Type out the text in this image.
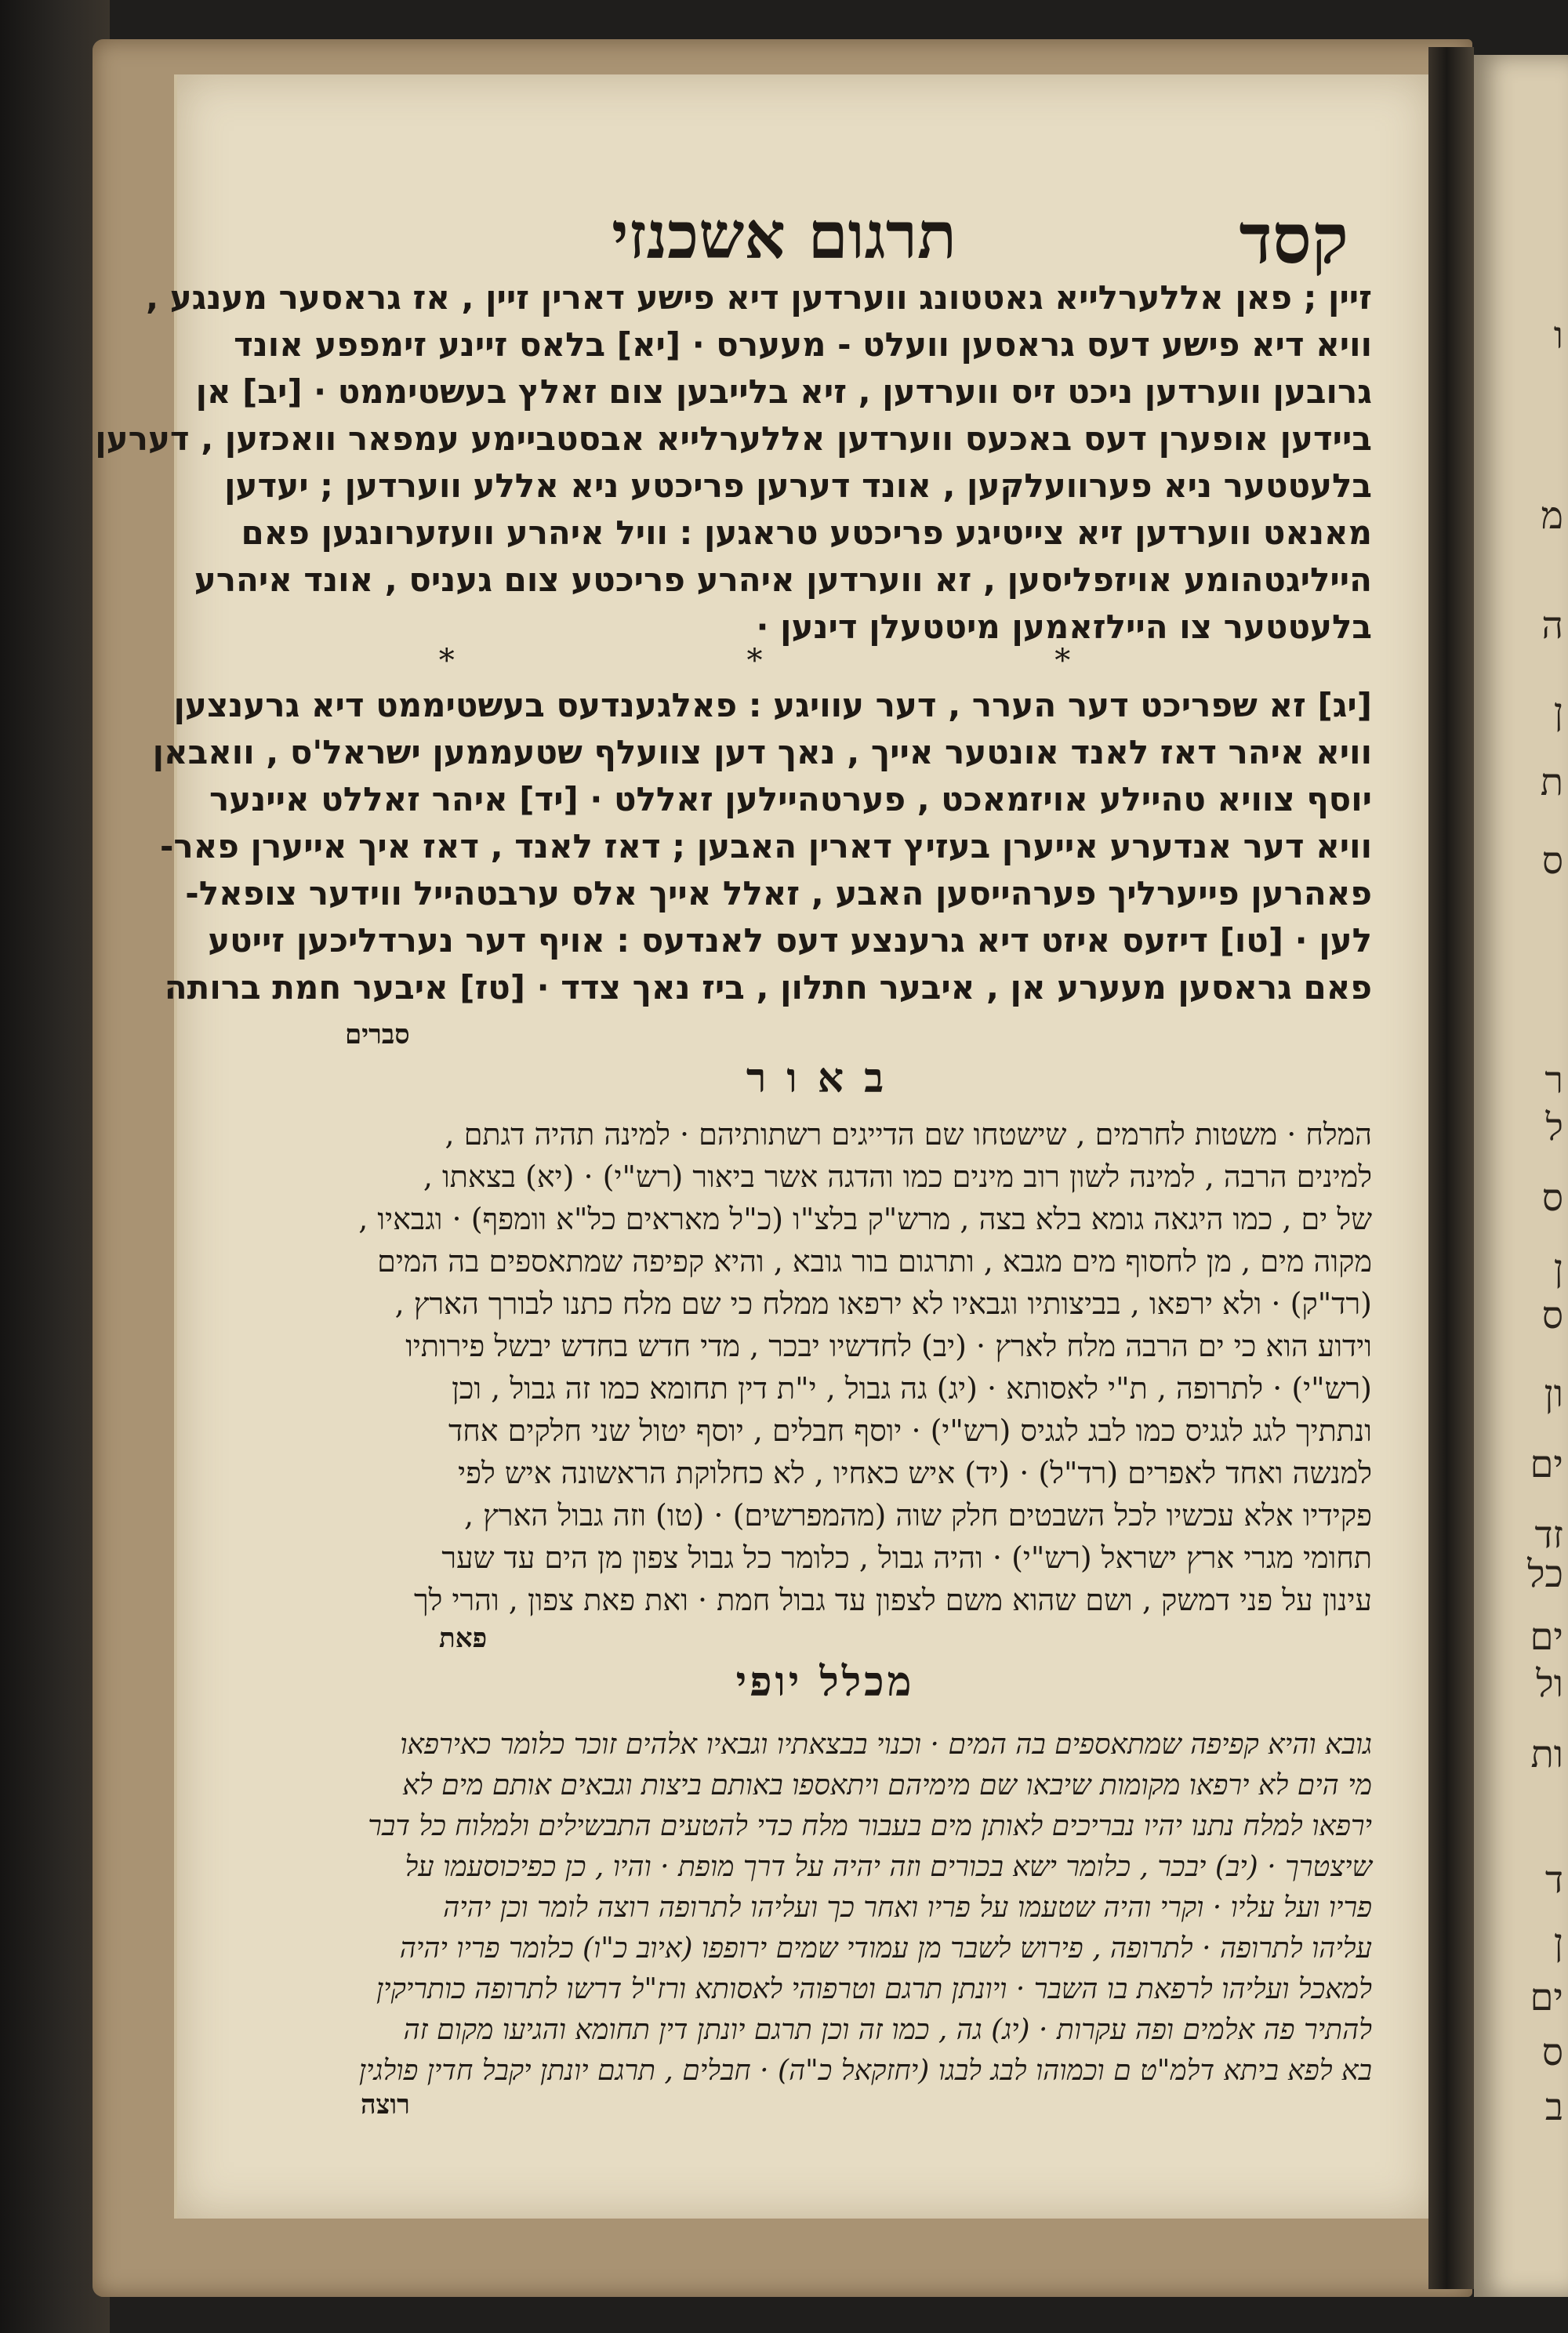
ו
מ
ה
ן
ת
ס
ר
ל
ס
ן
ס
ון
ים
זד
כל
ים
ול
ות
ד
ן
ים
ס
ב
קסד
תרגום אשכנזי
זיין ; פאן אללערלייא גאטטונג ווערדען דיא פישע דארין זיין , אז גראסער מענגע ,
וויא דיא פישע דעס גראסען וועלט - מעערס · [יא] בלאס זיינע זימפפע אונד
גרובען ווערדען ניכט זיס ווערדען , זיא בלייבען צום זאלץ בעשטיממט · [יב] אן
ביידען אופערן דעס באכעס ווערדען אללערלייא אבסטביימע עמפאר וואכזען , דערען
בלעטטער ניא פערוועלקען , אונד דערען פריכטע ניא אללע ווערדען ; יעדען
מאנאט ווערדען זיא צייטיגע פריכטע טראגען : וויל איהרע וועזערונגען פאם
הייליגטהומע אויזפליסען , זא ווערדען איהרע פריכטע צום געניס , אונד איהרע
בלעטטער צו היילזאמען מיטטעלן דינען ·
[יג] זא שפריכט דער הערר , דער עוויגע : פאלגענדעס בעשטיממט דיא גרענצען
וויא איהר דאז לאנד אונטער אייך , נאך דען צוועלף שטעממען ישראל'ס , וואבאן
יוסף צוויא טהיילע אויזמאכט , פערטהיילען זאללט · [יד] איהר זאללט איינער
וויא דער אנדערע אייערן בעזיץ דארין האבען ; דאז לאנד , דאז איך אייערן פאר-
פאהרען פייערליך פערהייסען האבע , זאלל אייך אלס ערבטהייל ווידער צופאל-
לען · [טו] דיזעס איזט דיא גרענצע דעס לאנדעס : אויף דער נערדליכען זייטע
פאם גראסען מעערע אן , איבער חתלון , ביז נאך צדד · [טז] איבער חמת ברותה
* * *
סברים
באור
המלח · משטות לחרמים , שישטחו שם הדייגים רשתותיהם · למינה תהיה דגתם ,
למינים הרבה , למינה לשון רוב מינים כמו והדגה אשר ביאור (רש"י) · (יא) בצאתו ,
של ים , כמו היגאה גומא בלא בצה , מרש"ק בלצ"ו (כ"ל מאראים כל"א וומפף) · וגבאיו ,
מקוה מים , מן לחסוף מים מגבא , ותרגום בור גובא , והיא קפיפה שמתאספים בה המים
(רד"ק) · ולא ירפאו , בביצותיו וגבאיו לא ירפאו ממלח כי שם מלח כתנו לבורך הארץ ,
וידוע הוא כי ים הרבה מלח לארץ · (יב) לחדשיו יבכר , מדי חדש בחדש יבשל פירותיו
(רש"י) · לתרופה , ת"י לאסותא · (יג) גה גבול , י"ת דין תחומא כמו זה גבול , וכן
ונתתיך לגג לגגיס כמו לבג לגגיס (רש"י) · יוסף חבלים , יוסף יטול שני חלקים אחד
למנשה ואחד לאפרים (רד"ל) · (יד) איש כאחיו , לא כחלוקת הראשונה איש לפי
פקידיו אלא עכשיו לכל השבטים חלק שוה (מהמפרשים) · (טו) וזה גבול הארץ ,
תחומי מגרי ארץ ישראל (רש"י) · והיה גבול , כלומר כל גבול צפון מן הים עד שער
עינון על פני דמשק , ושם שהוא משם לצפון עד גבול חמת · ואת פאת צפון , והרי לך
פאת
מכלל יופי
גובא והיא קפיפה שמתאספים בה המים · וכנוי בבצאתיו וגבאיו אלהים זוכר כלומר כאירפאו
מי הים לא ירפאו מקומות שיבאו שם מימיהם ויתאספו באותם ביצות וגבאים אותם מים לא
ירפאו למלח נתנו יהיו נבריכים לאותן מים בעבור מלח כדי להטעים התבשילים ולמלוח כל דבר
שיצטרך · (יב) יבכר , כלומר ישא בכורים וזה יהיה על דרך מופת · והיו , כן כפיכוסעמו על
פריו ועל עליו · וקרי והיה שטעמו על פריו ואחר כך ועליהו לתרופה רוצה לומר וכן יהיה
עליהו לתרופה · לתרופה , פירוש לשבר מן עמודי שמים ירופפו (איוב כ"ו) כלומר פריו יהיה
למאכל ועליהו לרפאת בו השבר · ויונתן תרגם וטרפוהי לאסותא ורז"ל דרשו לתרופה כותריקין
להתיר פה אלמים ופה עקרות · (יג) גה , כמו זה וכן תרגם יונתן דין תחומא והגיעו מקום זה
בא לפא ביתא דלמ"ט ם וכמוהו לבג לבגו (יחזקאל כ"ה) · חבלים , תרגם יונתן יקבל חדין פולגין
רוצה
